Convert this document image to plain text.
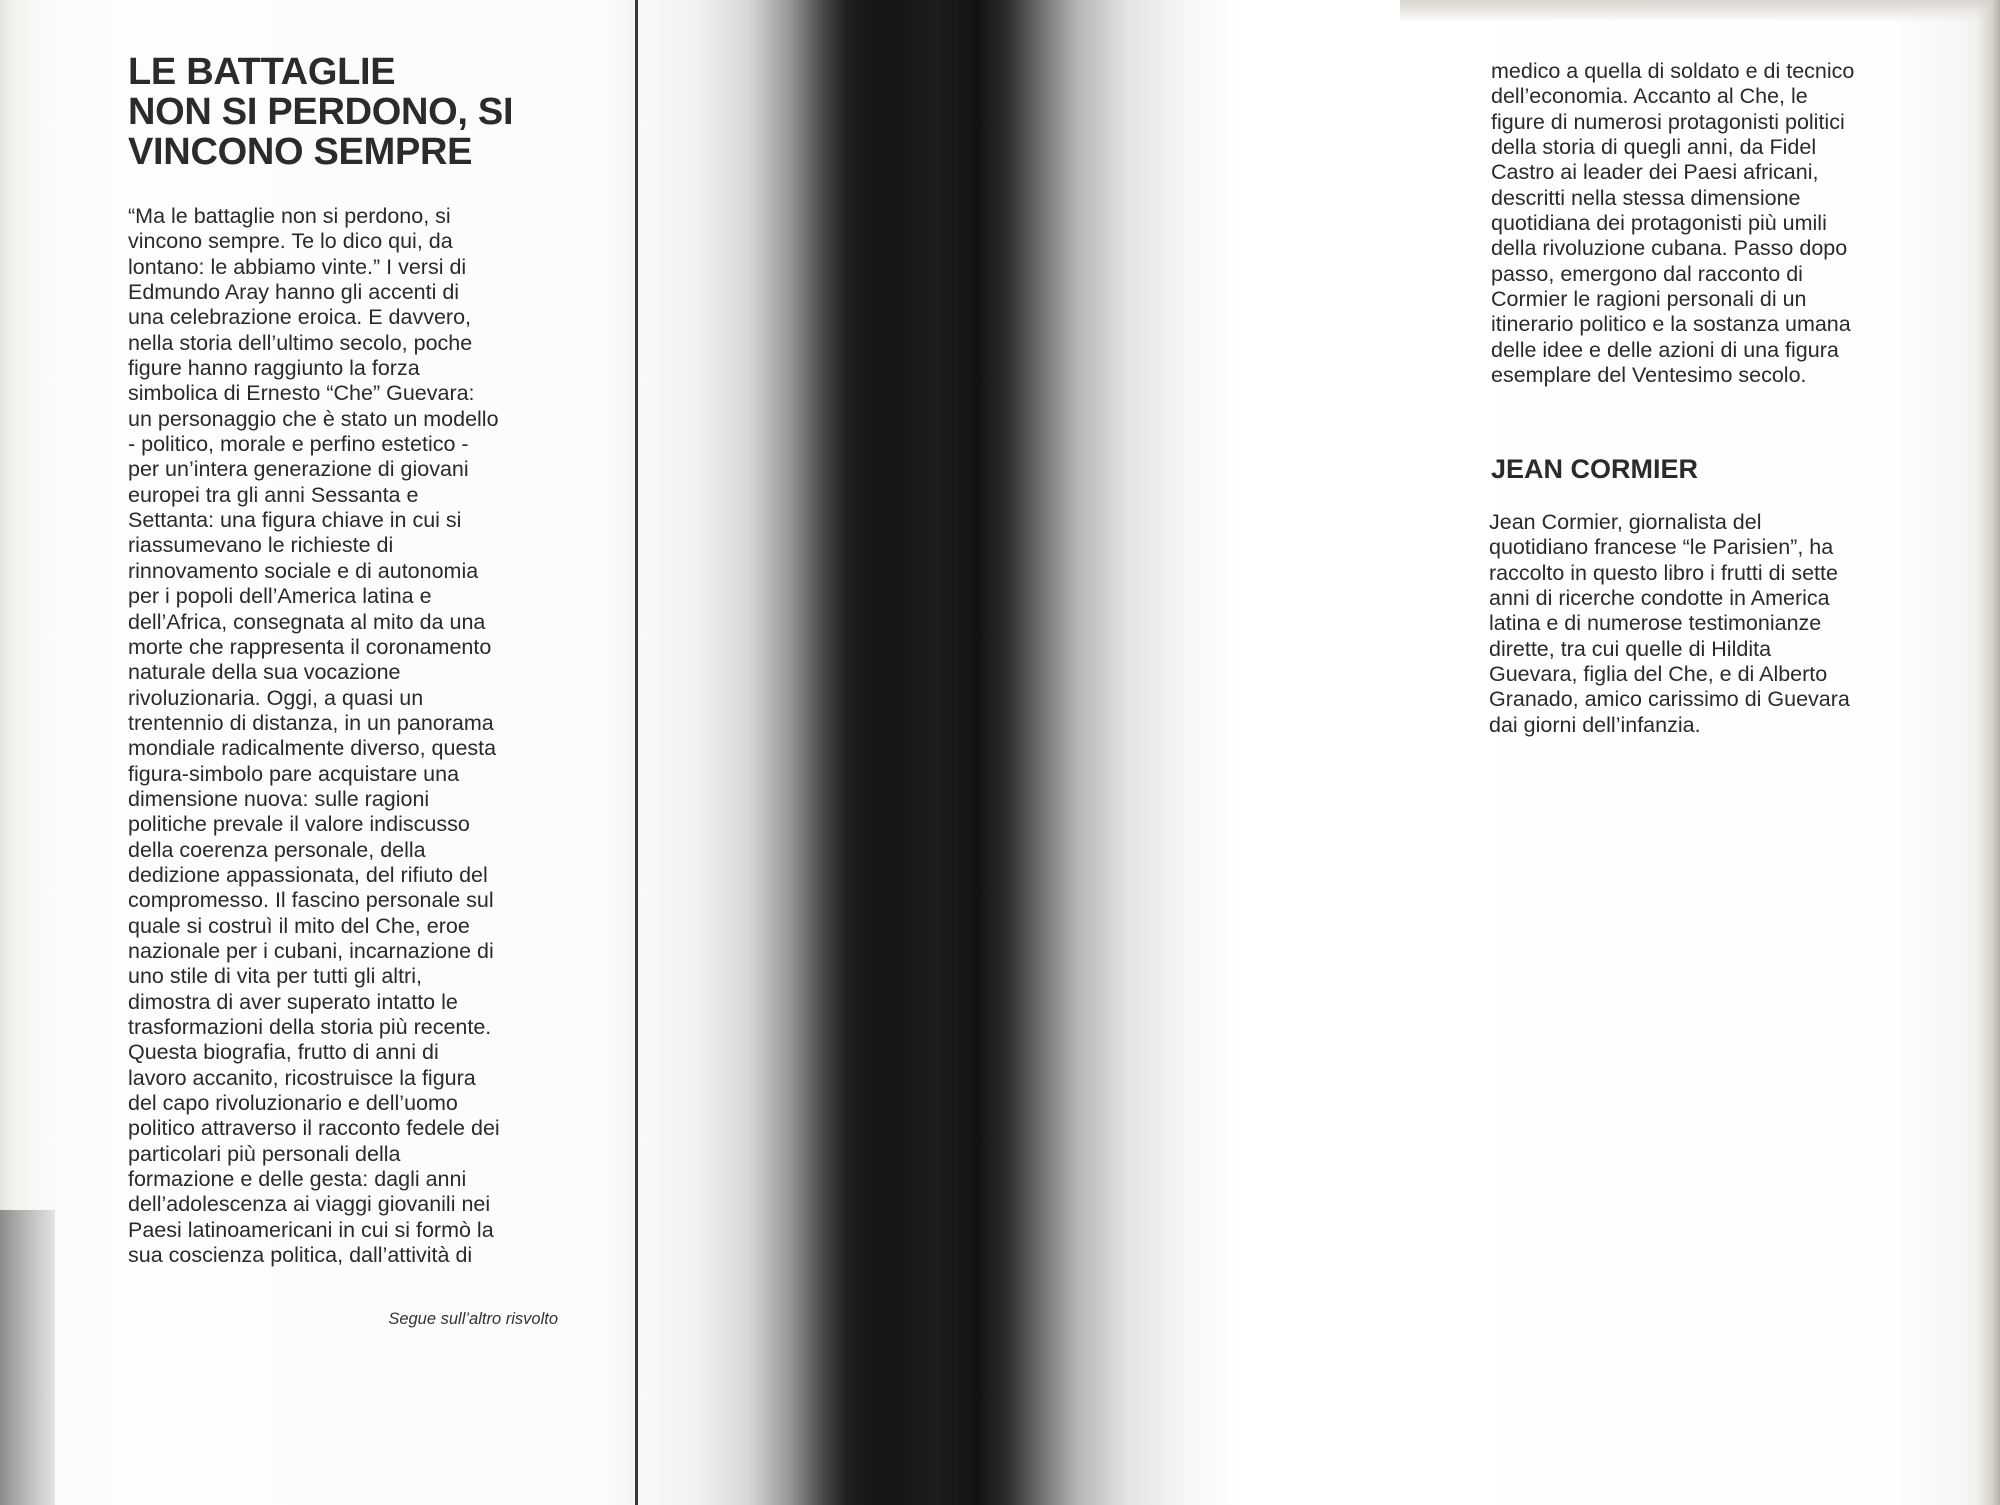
LE BATTAGLIE
NON SI PERDONO, SI
VINCONO SEMPRE
“Ma le battaglie non si perdono, si
vincono sempre. Te lo dico qui, da
lontano: le abbiamo vinte.” I versi di
Edmundo Aray hanno gli accenti di
una celebrazione eroica. E davvero,
nella storia dell’ultimo secolo, poche
figure hanno raggiunto la forza
simbolica di Ernesto “Che” Guevara:
un personaggio che è stato un modello
- politico, morale e perfino estetico -
per un’intera generazione di giovani
europei tra gli anni Sessanta e
Settanta: una figura chiave in cui si
riassumevano le richieste di
rinnovamento sociale e di autonomia
per i popoli dell’America latina e
dell’Africa, consegnata al mito da una
morte che rappresenta il coronamento
naturale della sua vocazione
rivoluzionaria. Oggi, a quasi un
trentennio di distanza, in un panorama
mondiale radicalmente diverso, questa
figura-simbolo pare acquistare una
dimensione nuova: sulle ragioni
politiche prevale il valore indiscusso
della coerenza personale, della
dedizione appassionata, del rifiuto del
compromesso. Il fascino personale sul
quale si costruì il mito del Che, eroe
nazionale per i cubani, incarnazione di
uno stile di vita per tutti gli altri,
dimostra di aver superato intatto le
trasformazioni della storia più recente.
Questa biografia, frutto di anni di
lavoro accanito, ricostruisce la figura
del capo rivoluzionario e dell’uomo
politico attraverso il racconto fedele dei
particolari più personali della
formazione e delle gesta: dagli anni
dell’adolescenza ai viaggi giovanili nei
Paesi latinoamericani in cui si formò la
sua coscienza politica, dall’attività di
Segue sull’altro risvolto
medico a quella di soldato e di tecnico
dell’economia. Accanto al Che, le
figure di numerosi protagonisti politici
della storia di quegli anni, da Fidel
Castro ai leader dei Paesi africani,
descritti nella stessa dimensione
quotidiana dei protagonisti più umili
della rivoluzione cubana. Passo dopo
passo, emergono dal racconto di
Cormier le ragioni personali di un
itinerario politico e la sostanza umana
delle idee e delle azioni di una figura
esemplare del Ventesimo secolo.
JEAN CORMIER
Jean Cormier, giornalista del
quotidiano francese “le Parisien”, ha
raccolto in questo libro i frutti di sette
anni di ricerche condotte in America
latina e di numerose testimonianze
dirette, tra cui quelle di Hildita
Guevara, figlia del Che, e di Alberto
Granado, amico carissimo di Guevara
dai giorni dell’infanzia.
